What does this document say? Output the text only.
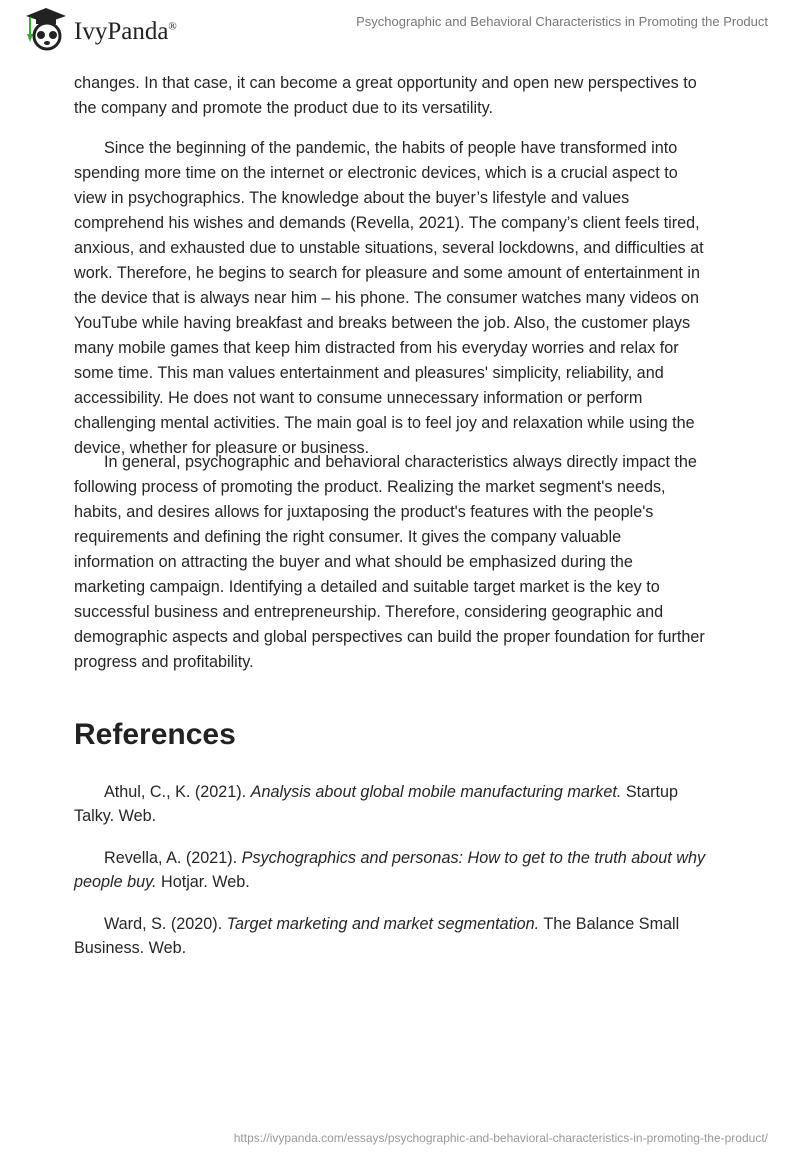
IvyPanda®	Psychographic and Behavioral Characteristics in Promoting the Product
changes. In that case, it can become a great opportunity and open new perspectives to
the company and promote the product due to its versatility.
Since the beginning of the pandemic, the habits of people have transformed into
spending more time on the internet or electronic devices, which is a crucial aspect to
view in psychographics. The knowledge about the buyer’s lifestyle and values
comprehend his wishes and demands (Revella, 2021). The company’s client feels tired,
anxious, and exhausted due to unstable situations, several lockdowns, and difficulties at
work. Therefore, he begins to search for pleasure and some amount of entertainment in
the device that is always near him – his phone. The consumer watches many videos on
YouTube while having breakfast and breaks between the job. Also, the customer plays
many mobile games that keep him distracted from his everyday worries and relax for
some time. This man values entertainment and pleasures' simplicity, reliability, and
accessibility. He does not want to consume unnecessary information or perform
challenging mental activities. The main goal is to feel joy and relaxation while using the
device, whether for pleasure or business.
In general, psychographic and behavioral characteristics always directly impact the
following process of promoting the product. Realizing the market segment's needs,
habits, and desires allows for juxtaposing the product's features with the people's
requirements and defining the right consumer. It gives the company valuable
information on attracting the buyer and what should be emphasized during the
marketing campaign. Identifying a detailed and suitable target market is the key to
successful business and entrepreneurship. Therefore, considering geographic and
demographic aspects and global perspectives can build the proper foundation for further
progress and profitability.
References
Athul, C., K. (2021). Analysis about global mobile manufacturing market. Startup
Talky. Web.
Revella, A. (2021). Psychographics and personas: How to get to the truth about why
people buy. Hotjar. Web.
Ward, S. (2020). Target marketing and market segmentation. The Balance Small
Business. Web.
https://ivypanda.com/essays/psychographic-and-behavioral-characteristics-in-promoting-the-product/
